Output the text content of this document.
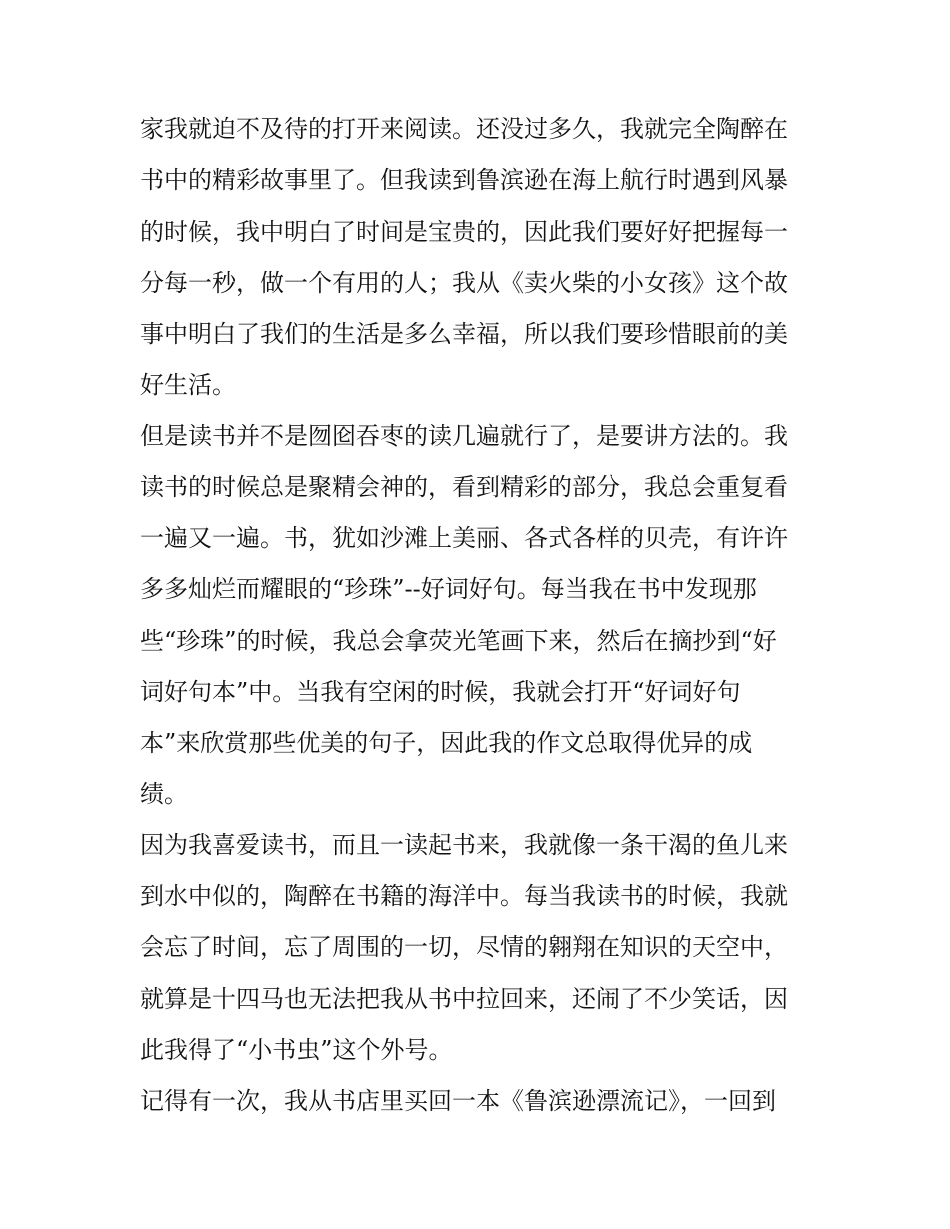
家我就迫不及待的打开来阅读。还没过多久，我就完全陶醉在
书中的精彩故事里了。但我读到鲁滨逊在海上航行时遇到风暴
的时候，我中明白了时间是宝贵的，因此我们要好好把握每一
分每一秒，做一个有用的人；我从《卖火柴的小女孩》这个故
事中明白了我们的生活是多么幸福，所以我们要珍惜眼前的美
好生活。
但是读书并不是囫囵吞枣的读几遍就行了，是要讲方法的。我
读书的时候总是聚精会神的，看到精彩的部分，我总会重复看
一遍又一遍。书，犹如沙滩上美丽、各式各样的贝壳，有许许
多多灿烂而耀眼的“珍珠”--好词好句。每当我在书中发现那
些“珍珠”的时候，我总会拿荧光笔画下来，然后在摘抄到“好
词好句本”中。当我有空闲的时候，我就会打开“好词好句
本”来欣赏那些优美的句子，因此我的作文总取得优异的成
绩。
因为我喜爱读书，而且一读起书来，我就像一条干渴的鱼儿来
到水中似的，陶醉在书籍的海洋中。每当我读书的时候，我就
会忘了时间，忘了周围的一切，尽情的翱翔在知识的天空中，
就算是十四马也无法把我从书中拉回来，还闹了不少笑话，因
此我得了“小书虫”这个外号。
记得有一次，我从书店里买回一本《鲁滨逊漂流记》，一回到
